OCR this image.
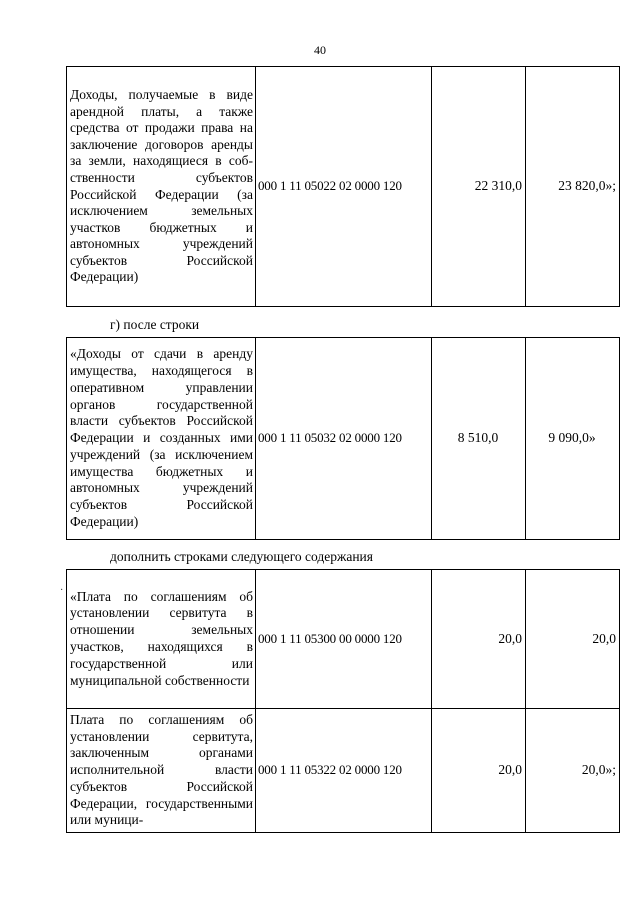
40
Доходы, получаемые в виде арендной платы, а также средства от продажи права на заключение договоров аренды за земли, находящиеся в собственности субъектов Российской Федерации (за исключением земельных участков бюджетных и автономных учреждений субъектов Российской Федерации)
	000 1 11 05022 02 0000 120	22 310,0	23 820,0»;
г) после строки
«Доходы от сдачи в аренду имущества, находящегося в оперативном управлении органов государственной власти субъектов Российской Федерации и созданных ими учреждений (за исключением имущества бюджетных и автономных учреждений субъектов Российской Федерации)
	000 1 11 05032 02 0000 120	8 510,0	9 090,0»
дополнить строками следующего содержания
· «Плата по соглашениям об установлении сервитута в отношении земельных участков, находящихся в государственной или муниципальной собственности	000 1 11 05300 00 0000 120	20,0	20,0

Плата по соглашениям об установлении сервитута, заключенным органами исполнительной власти субъектов Российской Федерации, государственными или муници-	000 1 11 05322 02 0000 120	20,0	20,0»;
